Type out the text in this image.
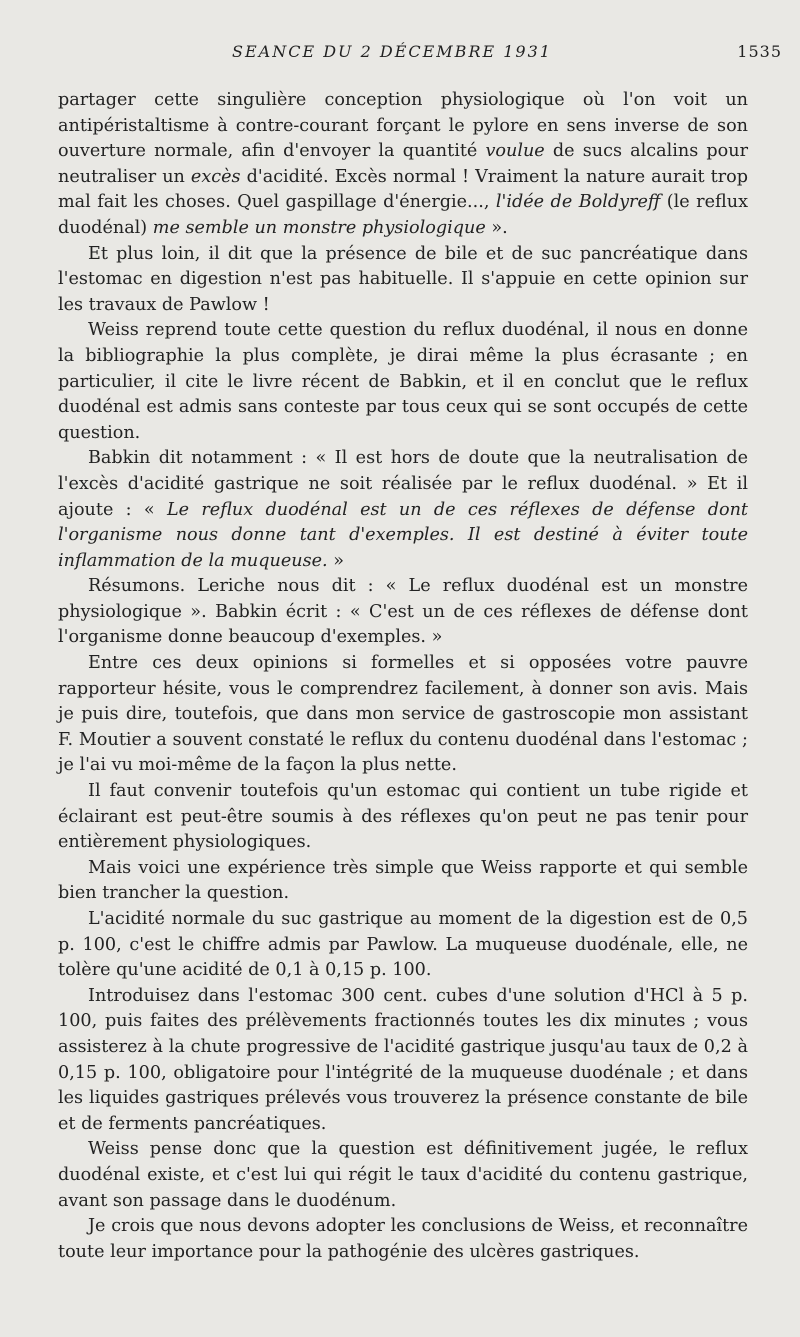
SEANCE DU 2 DÉCEMBRE 1931	1535

partager cette singulière conception physiologique où l'on voit un antipéristaltisme à contre-courant forçant le pylore en sens inverse de son ouverture normale, afin d'envoyer la quantité voulue de sucs alcalins pour neutraliser un excès d'acidité. Excès normal ! Vraiment la nature aurait trop mal fait les choses. Quel gaspillage d'énergie..., l'idée de Boldyreff (le reflux duodénal) me semble un monstre physiologique ».

Et plus loin, il dit que la présence de bile et de suc pancréatique dans l'estomac en digestion n'est pas habituelle. Il s'appuie en cette opinion sur les travaux de Pawlow !

Weiss reprend toute cette question du reflux duodénal, il nous en donne la bibliographie la plus complète, je dirai même la plus écrasante ; en particulier, il cite le livre récent de Babkin, et il en conclut que le reflux duodénal est admis sans conteste par tous ceux qui se sont occupés de cette question.

Babkin dit notamment : « Il est hors de doute que la neutralisation de l'excès d'acidité gastrique ne soit réalisée par le reflux duodénal. » Et il ajoute : « Le reflux duodénal est un de ces réflexes de défense dont l'organisme nous donne tant d'exemples. Il est destiné à éviter toute inflammation de la muqueuse. »

Résumons. Leriche nous dit : « Le reflux duodénal est un monstre physiologique ». Babkin écrit : « C'est un de ces réflexes de défense dont l'organisme donne beaucoup d'exemples. »

Entre ces deux opinions si formelles et si opposées votre pauvre rapporteur hésite, vous le comprendrez facilement, à donner son avis. Mais je puis dire, toutefois, que dans mon service de gastroscopie mon assistant F. Moutier a souvent constaté le reflux du contenu duodénal dans l'estomac ; je l'ai vu moi-même de la façon la plus nette.

Il faut convenir toutefois qu'un estomac qui contient un tube rigide et éclairant est peut-être soumis à des réflexes qu'on peut ne pas tenir pour entièrement physiologiques.

Mais voici une expérience très simple que Weiss rapporte et qui semble bien trancher la question.

L'acidité normale du suc gastrique au moment de la digestion est de 0,5 p. 100, c'est le chiffre admis par Pawlow. La muqueuse duodénale, elle, ne tolère qu'une acidité de 0,1 à 0,15 p. 100.

Introduisez dans l'estomac 300 cent. cubes d'une solution d'HCl à 5 p. 100, puis faites des prélèvements fractionnés toutes les dix minutes ; vous assisterez à la chute progressive de l'acidité gastrique jusqu'au taux de 0,2 à 0,15 p. 100, obligatoire pour l'intégrité de la muqueuse duodénale ; et dans les liquides gastriques prélevés vous trouverez la présence constante de bile et de ferments pancréatiques.

Weiss pense donc que la question est définitivement jugée, le reflux duodénal existe, et c'est lui qui régit le taux d'acidité du contenu gastrique, avant son passage dans le duodénum.

Je crois que nous devons adopter les conclusions de Weiss, et reconnaître toute leur importance pour la pathogénie des ulcères gastriques.
